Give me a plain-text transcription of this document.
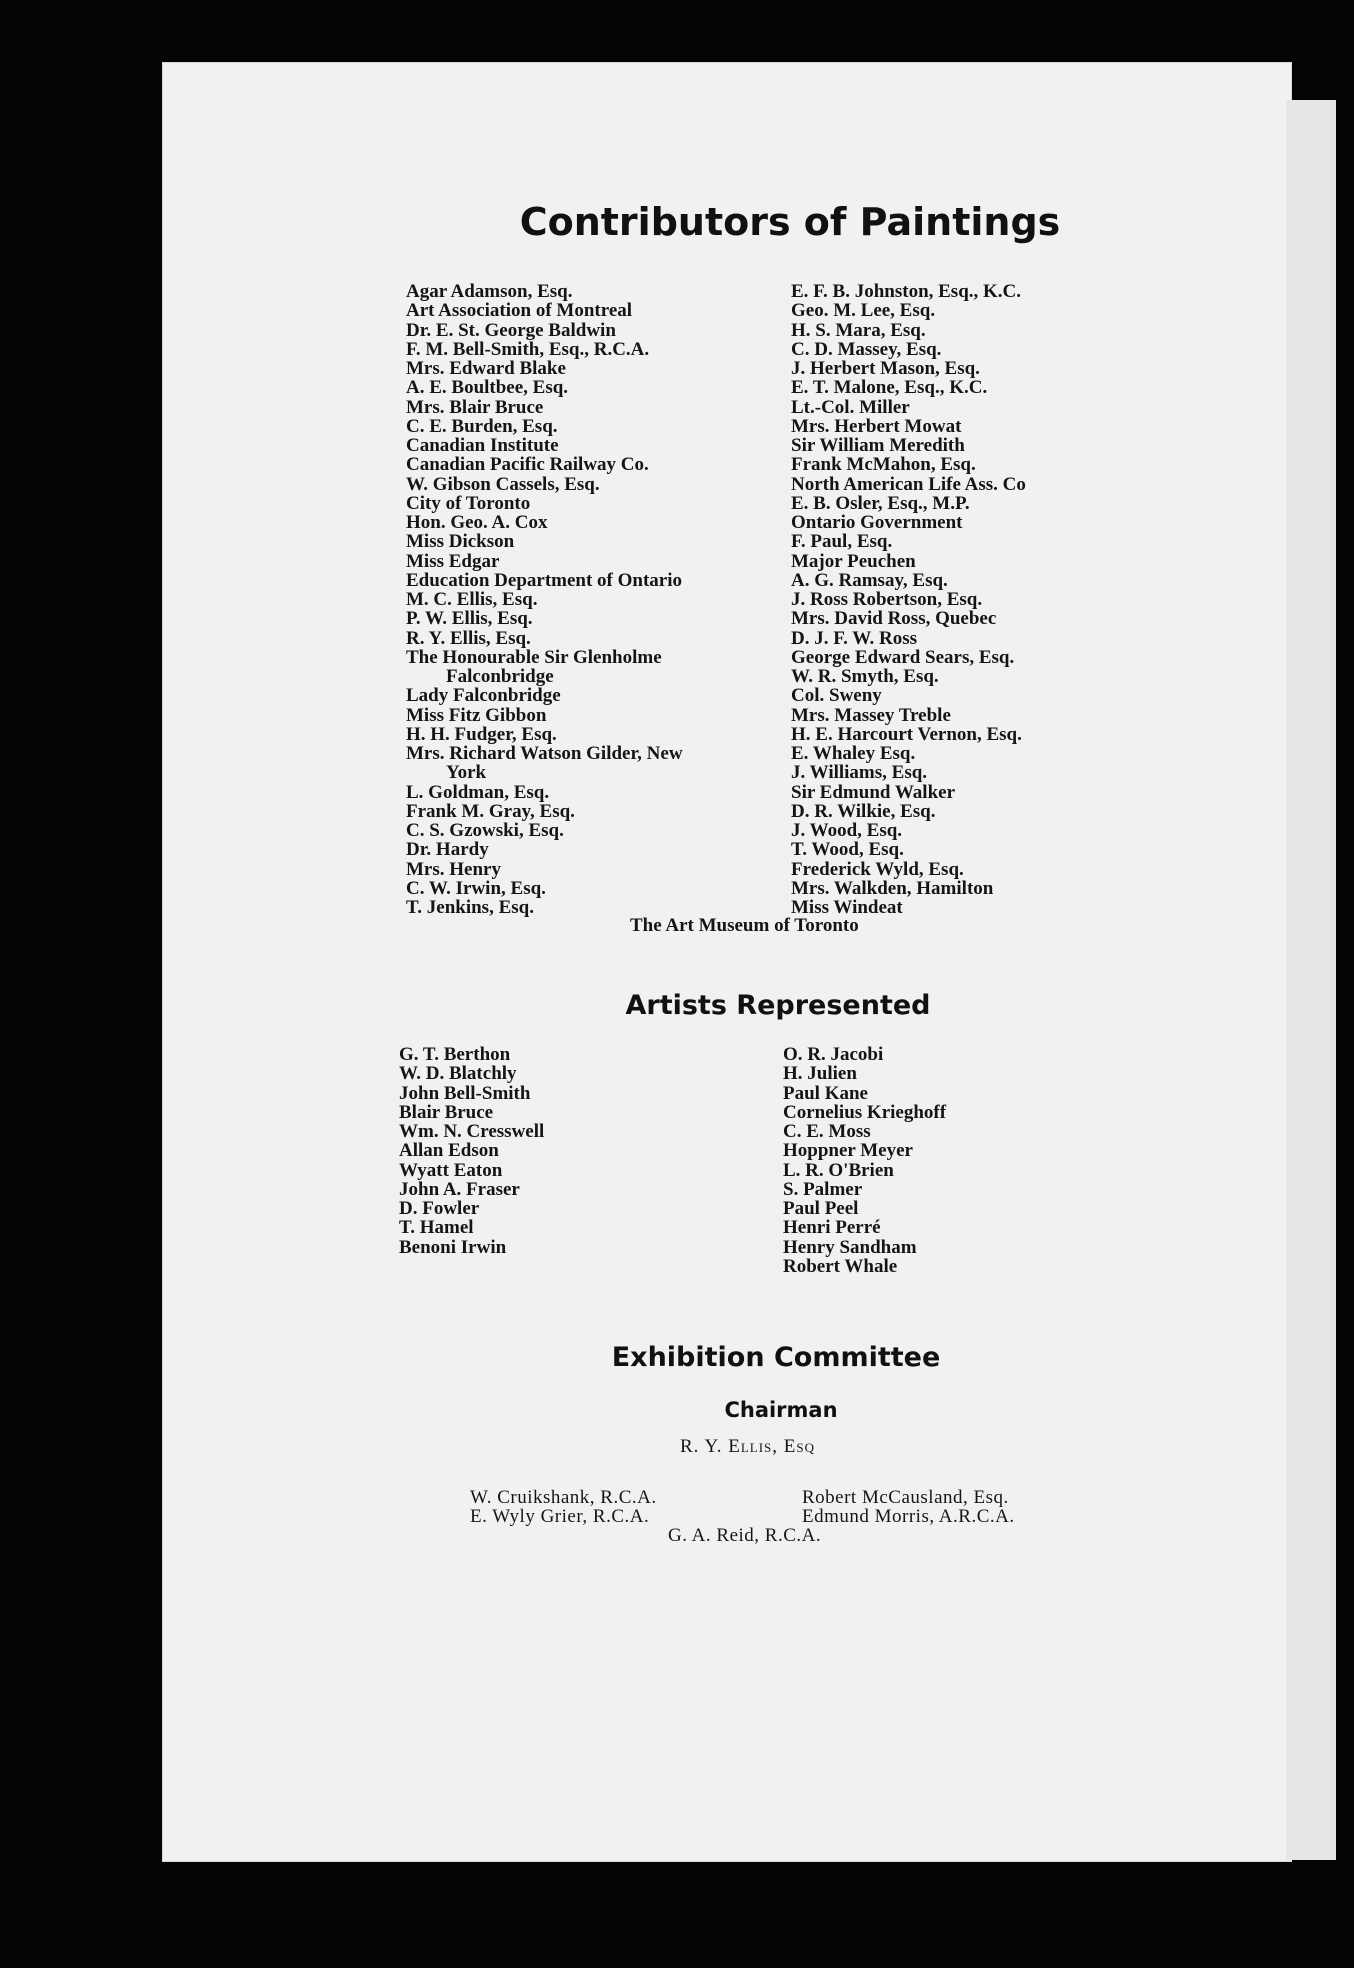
Contributors of Paintings
Agar Adamson, Esq.
Art Association of Montreal
Dr. E. St. George Baldwin
F. M. Bell-Smith, Esq., R.C.A.
Mrs. Edward Blake
A. E. Boultbee, Esq.
Mrs. Blair Bruce
C. E. Burden, Esq.
Canadian Institute
Canadian Pacific Railway Co.
W. Gibson Cassels, Esq.
City of Toronto
Hon. Geo. A. Cox
Miss Dickson
Miss Edgar
Education Department of Ontario
M. C. Ellis, Esq.
P. W. Ellis, Esq.
R. Y. Ellis, Esq.
The Honourable Sir Glenholme
Falconbridge
Lady Falconbridge
Miss Fitz Gibbon
H. H. Fudger, Esq.
Mrs. Richard Watson Gilder, New
York
L. Goldman, Esq.
Frank M. Gray, Esq.
C. S. Gzowski, Esq.
Dr. Hardy
Mrs. Henry
C. W. Irwin, Esq.
T. Jenkins, Esq.
E. F. B. Johnston, Esq., K.C.
Geo. M. Lee, Esq.
H. S. Mara, Esq.
C. D. Massey, Esq.
J. Herbert Mason, Esq.
E. T. Malone, Esq., K.C.
Lt.-Col. Miller
Mrs. Herbert Mowat
Sir William Meredith
Frank McMahon, Esq.
North American Life Ass. Co
E. B. Osler, Esq., M.P.
Ontario Government
F. Paul, Esq.
Major Peuchen
A. G. Ramsay, Esq.
J. Ross Robertson, Esq.
Mrs. David Ross, Quebec
D. J. F. W. Ross
George Edward Sears, Esq.
W. R. Smyth, Esq.
Col. Sweny
Mrs. Massey Treble
H. E. Harcourt Vernon, Esq.
E. Whaley Esq.
J. Williams, Esq.
Sir Edmund Walker
D. R. Wilkie, Esq.
J. Wood, Esq.
T. Wood, Esq.
Frederick Wyld, Esq.
Mrs. Walkden, Hamilton
Miss Windeat
The Art Museum of Toronto
Artists Represented
G. T. Berthon
W. D. Blatchly
John Bell-Smith
Blair Bruce
Wm. N. Cresswell
Allan Edson
Wyatt Eaton
John A. Fraser
D. Fowler
T. Hamel
Benoni Irwin
O. R. Jacobi
H. Julien
Paul Kane
Cornelius Krieghoff
C. E. Moss
Hoppner Meyer
L. R. O'Brien
S. Palmer
Paul Peel
Henri Perré
Henry Sandham
Robert Whale
Exhibition Committee
Chairman
R. Y. Ellis, Esq
W. Cruikshank, R.C.A.
E. Wyly Grier, R.C.A.
Robert McCausland, Esq.
Edmund Morris, A.R.C.A.
G. A. Reid, R.C.A.
